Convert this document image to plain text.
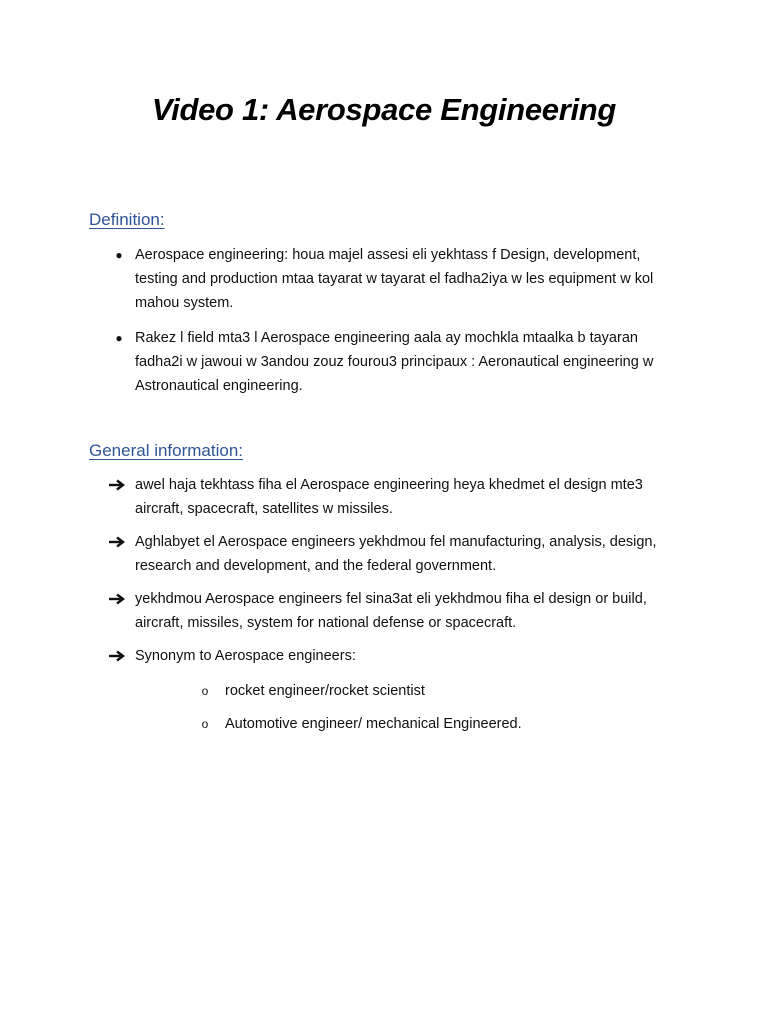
Video 1: Aerospace Engineering
Definition:
● Aerospace engineering: houa majel assesi eli yekhtass f Design, development, testing and production mtaa tayarat w tayarat el fadha2iya w les equipment w kol mahou system.
● Rakez l field mta3 l Aerospace engineering aala ay mochkla mtaalka b tayaran fadha2i w jawoui w 3andou zouz fourou3 principaux : Aeronautical engineering w Astronautical engineering.
General information:
awel haja tekhtass fiha el Aerospace engineering heya khedmet el design mte3 aircraft, spacecraft, satellites w missiles.
Aghlabyet el Aerospace engineers yekhdmou fel manufacturing, analysis, design, research and development, and the federal government.
yekhdmou Aerospace engineers fel sina3at eli yekhdmou fiha el design or build, aircraft, missiles, system for national defense or spacecraft.
Synonym to Aerospace engineers:
o rocket engineer/rocket scientist
o Automotive engineer/ mechanical Engineered.
